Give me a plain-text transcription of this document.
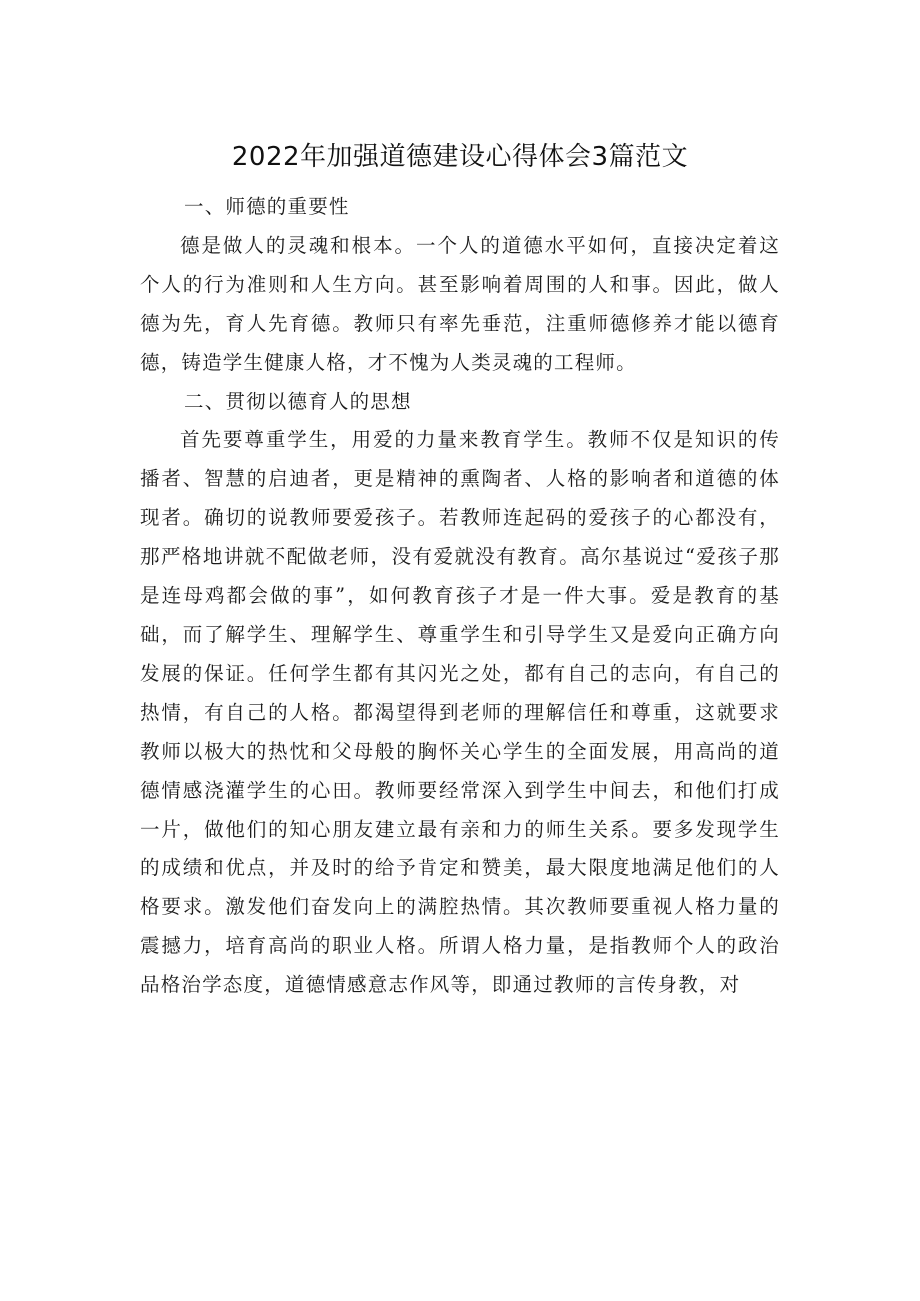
2022年加强道德建设心得体会3篇范文

一、师德的重要性

德是做人的灵魂和根本。一个人的道德水平如何，直接决定着这个人的行为准则和人生方向。甚至影响着周围的人和事。因此，做人德为先，育人先育德。教师只有率先垂范，注重师德修养才能以德育德，铸造学生健康人格，才不愧为人类灵魂的工程师。

二、贯彻以德育人的思想

首先要尊重学生，用爱的力量来教育学生。教师不仅是知识的传播者、智慧的启迪者，更是精神的熏陶者、人格的影响者和道德的体现者。确切的说教师要爱孩子。若教师连起码的爱孩子的心都没有，那严格地讲就不配做老师，没有爱就没有教育。高尔基说过“爱孩子那是连母鸡都会做的事”，如何教育孩子才是一件大事。爱是教育的基础，而了解学生、理解学生、尊重学生和引导学生又是爱向正确方向发展的保证。任何学生都有其闪光之处，都有自己的志向，有自己的热情，有自己的人格。都渴望得到老师的理解信任和尊重，这就要求教师以极大的热忱和父母般的胸怀关心学生的全面发展，用高尚的道德情感浇灌学生的心田。教师要经常深入到学生中间去，和他们打成一片，做他们的知心朋友建立最有亲和力的师生关系。要多发现学生的成绩和优点，并及时的给予肯定和赞美，最大限度地满足他们的人格要求。激发他们奋发向上的满腔热情。其次教师要重视人格力量的震撼力，培育高尚的职业人格。所谓人格力量，是指教师个人的政治品格治学态度，道德情感意志作风等，即通过教师的言传身教，对
